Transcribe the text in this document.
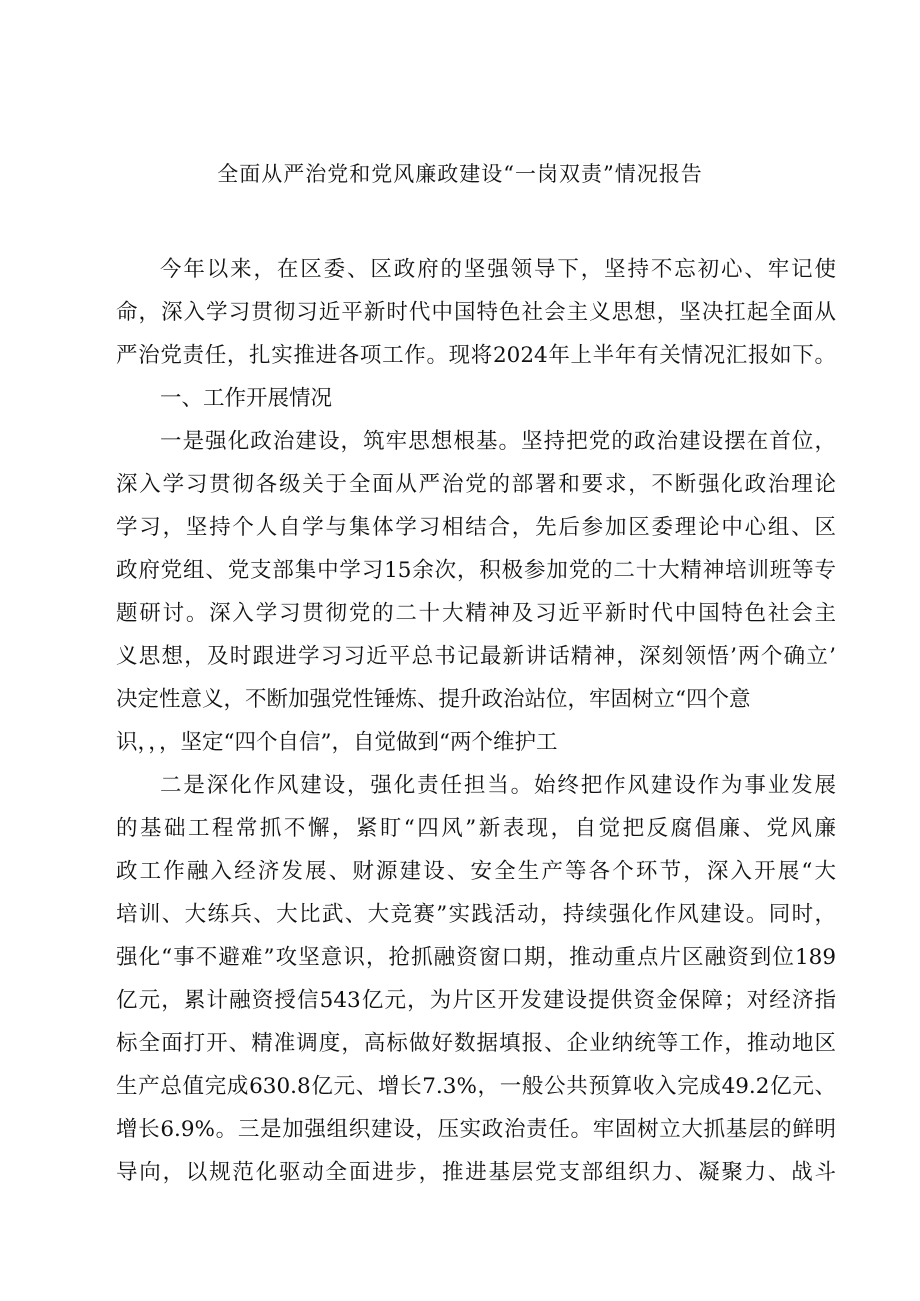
全面从严治党和党风廉政建设“一岗双责”情况报告
今年以来，在区委、区政府的坚强领导下，坚持不忘初心、牢记使
命，深入学习贯彻习近平新时代中国特色社会主义思想，坚决扛起全面从
严治党责任，扎实推进各项工作。现将2024年上半年有关情况汇报如下。
一、工作开展情况
一是强化政治建设，筑牢思想根基。坚持把党的政治建设摆在首位，
深入学习贯彻各级关于全面从严治党的部署和要求，不断强化政治理论
学习，坚持个人自学与集体学习相结合，先后参加区委理论中心组、区
政府党组、党支部集中学习15余次，积极参加党的二十大精神培训班等专
题研讨。深入学习贯彻党的二十大精神及习近平新时代中国特色社会主
义思想，及时跟进学习习近平总书记最新讲话精神，深刻领悟’两个确立’
决定性意义，不断加强党性锤炼、提升政治站位，牢固树立“四个意
识，，，坚定“四个自信”，自觉做到“两个维护工
二是深化作风建设，强化责任担当。始终把作风建设作为事业发展
的基础工程常抓不懈，紧盯“四风”新表现，自觉把反腐倡廉、党风廉
政工作融入经济发展、财源建设、安全生产等各个环节，深入开展“大
培训、大练兵、大比武、大竞赛”实践活动，持续强化作风建设。同时，
强化“事不避难”攻坚意识，抢抓融资窗口期，推动重点片区融资到位189
亿元，累计融资授信543亿元，为片区开发建设提供资金保障；对经济指
标全面打开、精准调度，高标做好数据填报、企业纳统等工作，推动地区
生产总值完成630.8亿元、增长7.3%，一般公共预算收入完成49.2亿元、
增长6.9%。三是加强组织建设，压实政治责任。牢固树立大抓基层的鲜明
导向，以规范化驱动全面进步，推进基层党支部组织力、凝聚力、战斗
